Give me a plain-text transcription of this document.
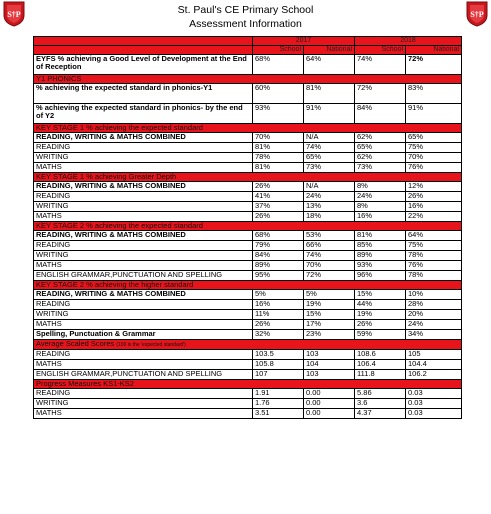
S†P	St. Paul's CE Primary School
Assessment Information
S†P
	2017		2018	
	School	National	School	National
EYFS % achieving a Good Level of Development at the End of Reception	68%	64%	74%	72%
Y1 PHONICS				
% achieving the expected standard in phonics-Y1	60%	81%	72%	83%
% achieving the expected standard in phonics- by the end of Y2	93%	91%	84%	91%
KEY STAGE 1 % achieving the expected standard				
READING, WRITING & MATHS COMBINED	70%	N/A	62%	65%
READING	81%	74%	65%	75%
WRITING	78%	65%	62%	70%
MATHS	81%	73%	73%	76%
KEY STAGE 1 % achieving Greater Depth				
READING, WRITING & MATHS COMBINED	26%	N/A	8%	12%
READING	41%	24%	24%	26%
WRITING	37%	13%	8%	16%
MATHS	26%	18%	16%	22%
KEY STAGE 2 % achieving the expected standard				
READING, WRITING & MATHS COMBINED	68%	53%	81%	64%
READING	79%	66%	85%	75%
WRITING	84%	74%	89%	78%
MATHS	89%	70%	93%	76%
ENGLISH GRAMMAR,PUNCTUATION AND SPELLING	95%	72%	96%	78%
KEY STAGE 2 % achieving the higher standard				
READING, WRITING & MATHS COMBINED	5%	5%	15%	10%
READING	16%	19%	44%	28%
WRITING	11%	15%	19%	20%
MATHS	26%	17%	26%	24%
Spelling, Punctuation & Grammar	32%	23%	59%	34%
Average Scaled Scores (100 is the 'expected standard')				
READING	103.5	103	108.6	105
MATHS	105.8	104	106.4	104.4
ENGLISH GRAMMAR,PUNCTUATION AND SPELLING	107	103	111.8	106.2
Progress Measures KS1-KS2				
READING	1.91	0.00	5.86	0.03
WRITING	1.76	0.00	3.6	0.03
MATHS	3.51	0.00	4.37	0.03
